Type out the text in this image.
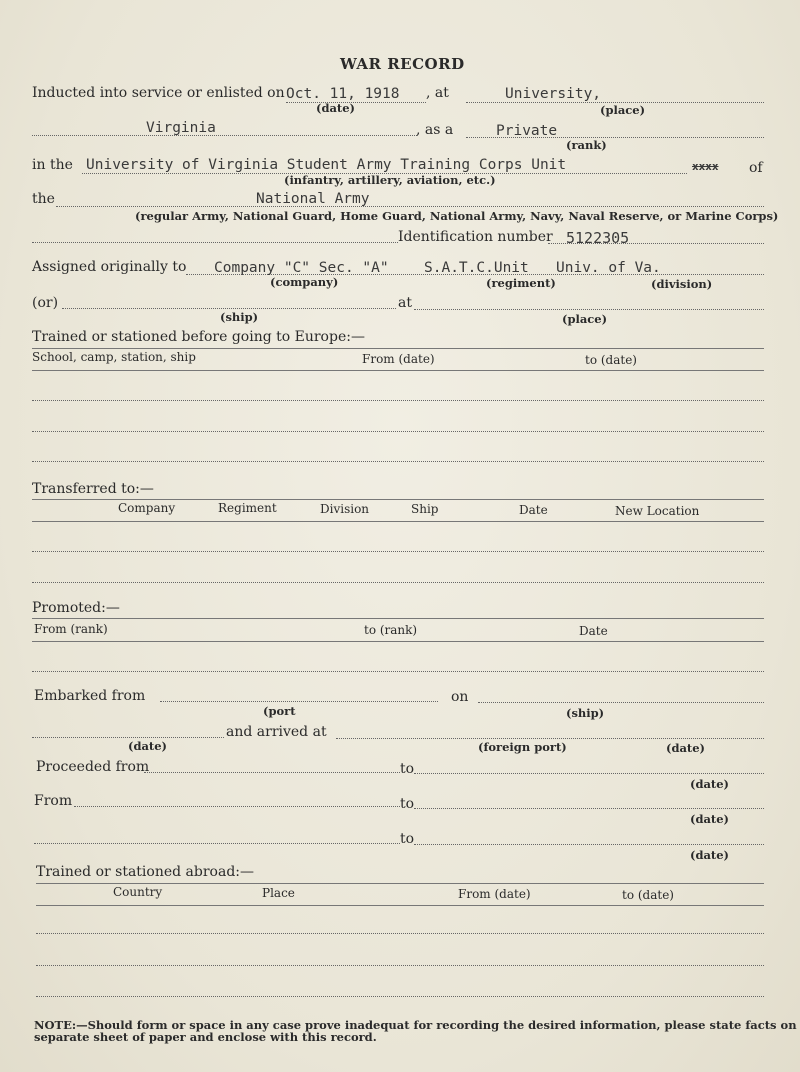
WAR RECORD
Inducted into service or enlisted on Oct. 11, 1918 , at	University,
(date)	(place)
Virginia	, as a	Private
(rank)
in the University of Virginia Student Army Training Corps Unit	xxxx of
(infantry, artillery, aviation, etc.)
the	National Army
(regular Army, National Guard, Home Guard, National Army, Navy, Naval Reserve, or Marine Corps)
Identification number 5122305
Assigned originally to Company "C" Sec. "A" S.A.T.C.Unit Univ. of Va.
(company)	(regiment)	(division)
(or)	at
(ship)	(place)
Trained or stationed before going to Europe:—
School, camp, station, ship	From (date)	to (date)
Transferred to:—
Company	Regiment	Division	Ship	Date	New Location
Promoted:—
From (rank)	to (rank)	Date
Embarked from	on
(port	(ship)
and arrived at
(date)	(foreign port)	(date)
Proceeded from	to
(date)
From	to
(date)
to
(date)
Trained or stationed abroad:—
Country	Place	From (date)	to (date)
NOTE:—Should form or space in any case prove inadequat for recording the desired information, please state facts on
separate sheet of paper and enclose with this record.
